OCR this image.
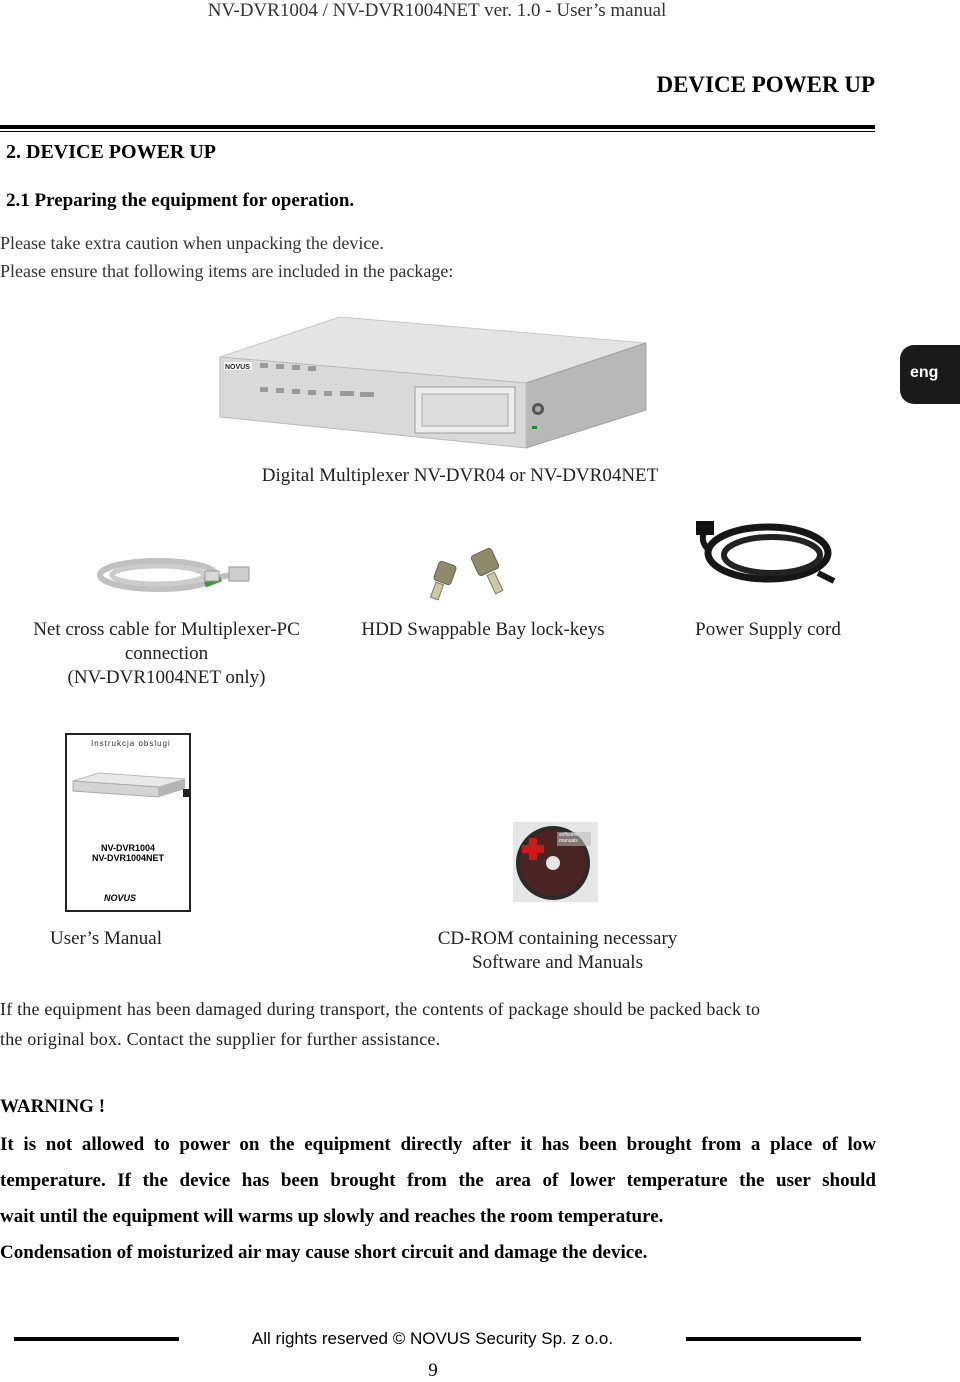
NV-DVR1004 / NV-DVR1004NET ver. 1.0 - User’s manual
DEVICE POWER UP
eng
2. DEVICE POWER UP
2.1 Preparing the equipment for operation.
Please take extra caution when unpacking the device.
Please ensure that following items are included in the package:
NOVUS
Digital Multiplexer NV-DVR04 or NV-DVR04NET
Net cross cable for Multiplexer-PC
connection
(NV-DVR1004NET only)
HDD Swappable Bay lock-keys	Power Supply cord
Instrukcja obslugi
NV-DVR1004
NV-DVR1004NET
NOVUS
software manuals
User’s Manual	CD-ROM containing necessary
Software and Manuals
If the equipment has been damaged during transport, the contents of package should be packed back to
the original box. Contact the supplier for further assistance.
WARNING !
It is not allowed to power on the equipment directly after it has been brought from a place of low
temperature. If the device has been brought from the area of lower temperature the user should
wait until the equipment will warms up slowly and reaches the room temperature.
Condensation of moisturized air may cause short circuit and damage the device.
All rights reserved © NOVUS Security Sp. z o.o.
9
